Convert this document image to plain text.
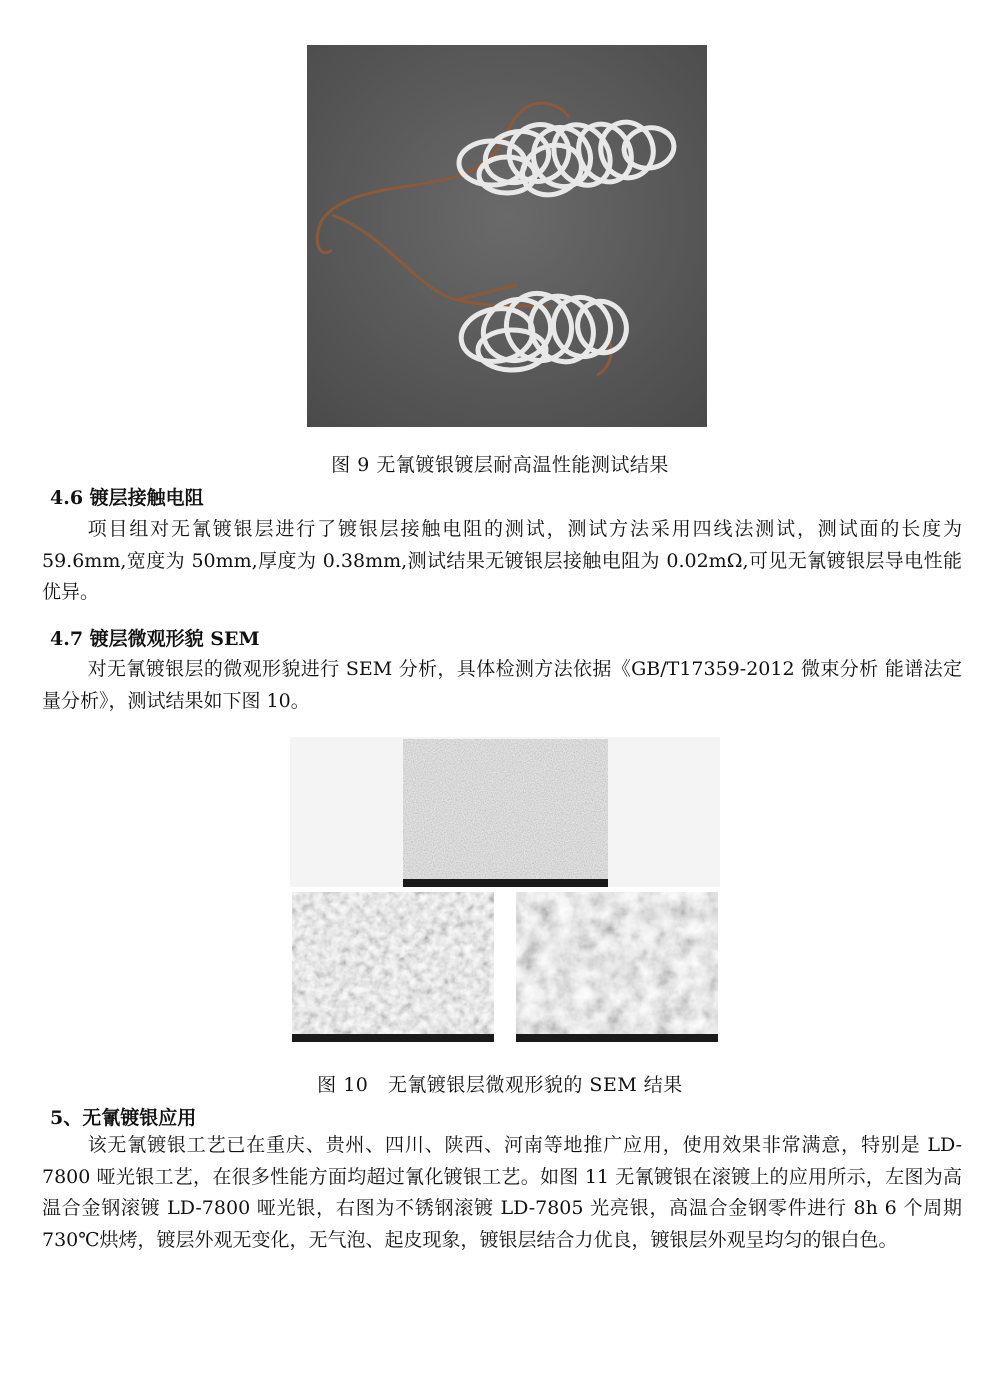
图 9 无氰镀银镀层耐高温性能测试结果
4.6 镀层接触电阻

项目组对无氰镀银层进行了镀银层接触电阻的测试，测试方法采用四线法测试，测试面的长度为 59.6mm,宽度为 50mm,厚度为 0.38mm,测试结果无镀银层接触电阻为 0.02mΩ,可见无氰镀银层导电性能优异。

4.7 镀层微观形貌 SEM

对无氰镀银层的微观形貌进行 SEM 分析，具体检测方法依据《GB/T17359-2012 微束分析 能谱法定量分析》，测试结果如下图 10。

图 10　无氰镀银层微观形貌的 SEM 结果
5、无氰镀银应用

该无氰镀银工艺已在重庆、贵州、四川、陕西、河南等地推广应用，使用效果非常满意，特别是 LD-7800 哑光银工艺，在很多性能方面均超过氰化镀银工艺。如图 11 无氰镀银在滚镀上的应用所示，左图为高温合金钢滚镀 LD-7800 哑光银，右图为不锈钢滚镀 LD-7805 光亮银，高温合金钢零件进行 8h 6 个周期 730℃烘烤，镀层外观无变化，无气泡、起皮现象，镀银层结合力优良，镀银层外观呈均匀的银白色。
